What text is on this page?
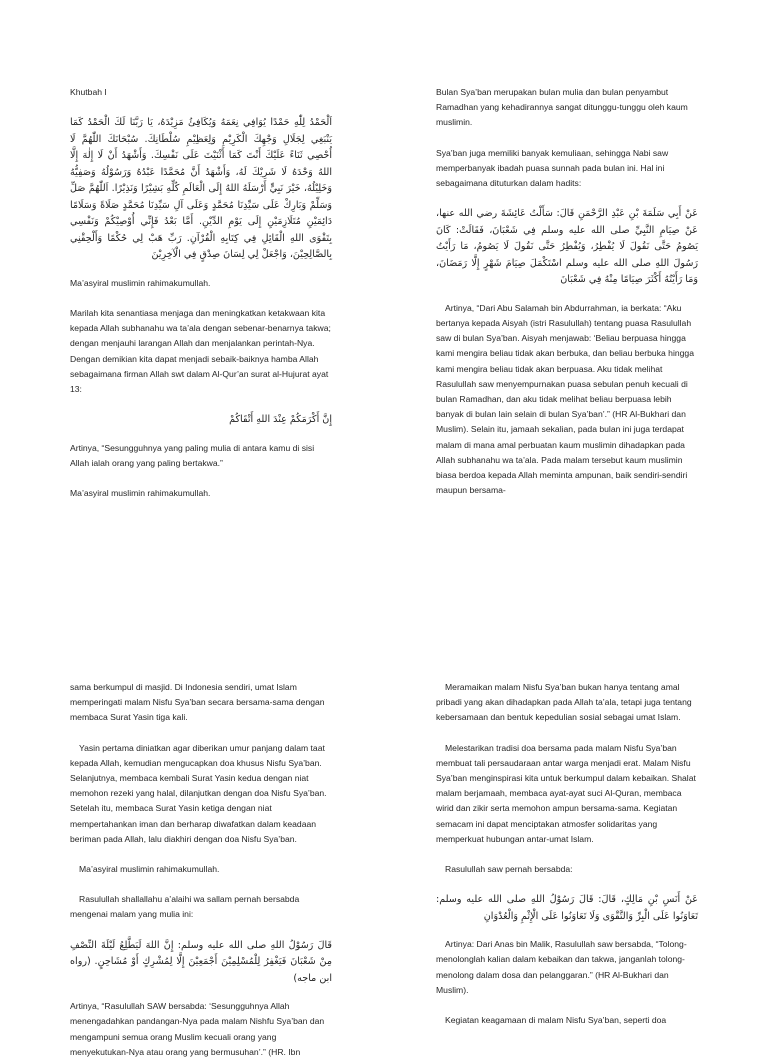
Khutbah I

اَلْحَمْدُ لِلّٰهِ حَمْدًا يُوَافِي نِعَمَهُ وَيُكَافِئُ مَزِيْدَهُ، يَا رَبَّنَا لَكَ الْحَمْدُ كَمَا يَنْبَغِي لِجَلَالِ وَجْهِكَ الْكَرِيْمِ وَلِعَظِيْمِ سُلْطَانِكَ. سُبْحَانَكَ اللّٰهُمَّ لَا أُحْصِي ثَنَاءً عَلَيْكَ أَنْتَ كَمَا أَثْنَيْتَ عَلَى نَفْسِكَ. وَأَشْهَدُ أَنْ لَا إِلٰهَ إِلَّا اللهُ وَحْدَهُ لَا شَرِيْكَ لَهُ، وَأَشْهَدُ أَنَّ مُحَمَّدًا عَبْدُهُ وَرَسُوْلُهُ وَصَفِيُّهُ وَخَلِيْلُهُ، خَيْرَ نَبِيٍّ أَرْسَلَهُ اللهُ إِلَى الْعَالَمِ كُلِّهِ بَشِيْرًا وَنَذِيْرًا. اَللّٰهُمَّ صَلِّ وَسَلِّمْ وَبَارِكْ عَلَى سَيِّدِنَا مُحَمَّدٍ وَعَلَى آلِ سَيِّدِنَا مُحَمَّدٍ صَلَاةً وَسَلَامًا دَائِمَيْنِ مُتَلَازِمَيْنِ إِلَى يَوْمِ الدِّيْنِ. أَمَّا بَعْدُ فَإِنِّي أُوْصِيْكُمْ وَنَفْسِي بِتَقْوَى اللهِ الْقَائِلِ فِي كِتَابِهِ الْقُرْآنِ. رَبِّ هَبْ لِي حُكْمًا وَأَلْحِقْنِي بِالصَّالِحِيْنَ، وَاجْعَلْ لِي لِسَانَ صِدْقٍ فِي الْآخِرِيْنَ

Ma’asyiral muslimin rahimakumullah.

Marilah kita senantiasa menjaga dan meningkatkan ketakwaan kita kepada Allah subhanahu wa ta’ala dengan sebenar-benarnya takwa; dengan menjauhi larangan Allah dan menjalankan perintah-Nya. Dengan demikian kita dapat menjadi sebaik-baiknya hamba Allah sebagaimana firman Allah swt dalam Al-Qur’an surat al-Hujurat ayat 13:

إِنَّ أَكْرَمَكُمْ عِنْدَ اللهِ أَتْقَاكُمْ

Artinya, “Sesungguhnya yang paling mulia di antara kamu di sisi Allah ialah orang yang paling bertakwa.”

Ma’asyiral muslimin rahimakumullah.

Bulan Sya’ban merupakan bulan mulia dan bulan penyambut Ramadhan yang kehadirannya sangat ditunggu-tunggu oleh kaum muslimin.

Sya’ban juga memiliki banyak kemuliaan, sehingga Nabi saw memperbanyak ibadah puasa sunnah pada bulan ini. Hal ini sebagaimana dituturkan dalam hadits:

عَنْ أَبِي سَلَمَةَ بْنِ عَبْدِ الرَّحْمَنِ قَالَ: سَأَلْتُ عَائِشَةَ رضي الله عنها، عَنْ صِيَامِ النَّبِيِّ صلى الله عليه وسلم فِي شَعْبَانَ، فَقَالَتْ: كَانَ يَصُومُ حَتَّى نَقُولَ لَا يُفْطِرُ، وَيُفْطِرُ حَتَّى نَقُولَ لَا يَصُومُ، مَا رَأَيْتُ رَسُولَ اللهِ صلى الله عليه وسلم اسْتَكْمَلَ صِيَامَ شَهْرٍ إِلَّا رَمَضَانَ، وَمَا رَأَيْتُهُ أَكْثَرَ صِيَامًا مِنْهُ فِي شَعْبَانَ

Artinya, “Dari Abu Salamah bin Abdurrahman, ia berkata: “Aku bertanya kepada Aisyah (istri Rasulullah) tentang puasa Rasulullah saw di bulan Sya’ban. Aisyah menjawab: ‘Beliau berpuasa hingga kami mengira beliau tidak akan berbuka, dan beliau berbuka hingga kami mengira beliau tidak akan berpuasa. Aku tidak melihat Rasulullah saw menyempurnakan puasa sebulan penuh kecuali di bulan Ramadhan, dan aku tidak melihat beliau berpuasa lebih banyak di bulan lain selain di bulan Sya’ban’.” (HR Al-Bukhari dan Muslim). Selain itu, jamaah sekalian, pada bulan ini juga terdapat malam di mana amal perbuatan kaum muslimin dihadapkan pada Allah subhanahu wa ta’ala. Pada malam tersebut kaum muslimin biasa berdoa kepada Allah meminta ampunan, baik sendiri-sendiri maupun bersama-

sama berkumpul di masjid. Di Indonesia sendiri, umat Islam memperingati malam Nisfu Sya’ban secara bersama-sama dengan membaca Surat Yasin tiga kali.

Yasin pertama diniatkan agar diberikan umur panjang dalam taat kepada Allah, kemudian mengucapkan doa khusus Nisfu Sya’ban. Selanjutnya, membaca kembali Surat Yasin kedua dengan niat memohon rezeki yang halal, dilanjutkan dengan doa Nisfu Sya’ban. Setelah itu, membaca Surat Yasin ketiga dengan niat mempertahankan iman dan berharap diwafatkan dalam keadaan beriman pada Allah, lalu diakhiri dengan doa Nisfu Sya’ban.

Ma’asyiral muslimin rahimakumullah.

Rasulullah shallallahu a’alaihi wa sallam pernah bersabda mengenai malam yang mulia ini:

قَالَ رَسُوْلُ اللهِ صلى الله عليه وسلم: إِنَّ اللهَ لَيَطَّلِعُ لَيْلَةَ النِّصْفِ مِنْ شَعْبَانَ فَيَغْفِرُ لِلْمُسْلِمِيْنَ أَجْمَعِيْنَ إِلَّا لِمُشْرِكٍ أَوْ مُشَاحِنٍ. (رواه ابن ماجه)

Artinya, “Rasulullah SAW bersabda: ‘Sesungguhnya Allah menengadahkan pandangan-Nya pada malam Nishfu Sya’ban dan mengampuni semua orang Muslim kecuali orang yang menyekutukan-Nya atau orang yang bermusuhan’.” (HR. Ibn

Meramaikan malam Nisfu Sya’ban bukan hanya tentang amal pribadi yang akan dihadapkan pada Allah ta’ala, tetapi juga tentang kebersamaan dan bentuk kepedulian sosial sebagai umat Islam.

Melestarikan tradisi doa bersama pada malam Nisfu Sya’ban membuat tali persaudaraan antar warga menjadi erat. Malam Nisfu Sya’ban menginspirasi kita untuk berkumpul dalam kebaikan. Shalat malam berjamaah, membaca ayat-ayat suci Al-Quran, membaca wirid dan zikir serta memohon ampun bersama-sama. Kegiatan semacam ini dapat menciptakan atmosfer solidaritas yang memperkuat hubungan antar-umat Islam.

Rasulullah saw pernah bersabda:

عَنْ أَنَسِ بْنِ مَالِكٍ، قَالَ: قَالَ رَسُوْلُ اللهِ صلى الله عليه وسلم: تَعَاوَنُوا عَلَى الْبِرِّ وَالتَّقْوَى وَلَا تَعَاوَنُوا عَلَى الْإِثْمِ وَالْعُدْوَانِ

Artinya: Dari Anas bin Malik, Rasulullah saw bersabda, “Tolong-menolonglah kalian dalam kebaikan dan takwa, janganlah tolong-menolong dalam dosa dan pelanggaran.” (HR Al-Bukhari dan Muslim).

Kegiatan keagamaan di malam Nisfu Sya’ban, seperti doa
